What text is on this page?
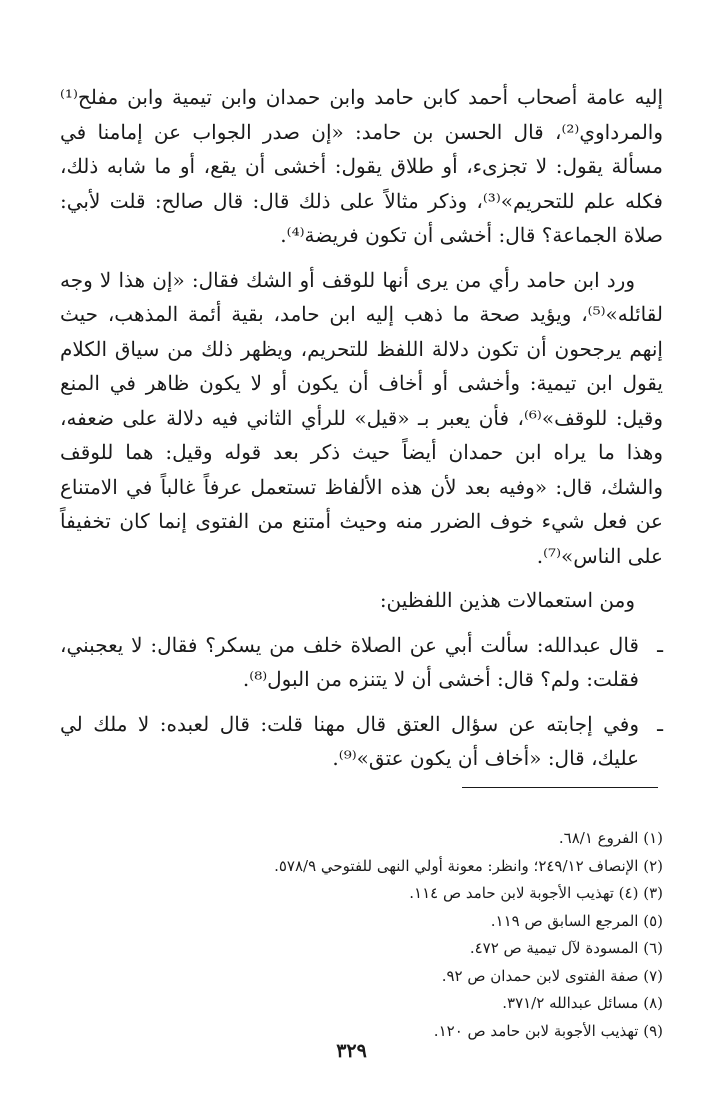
إليه عامة أصحاب أحمد كابن حامد وابن حمدان وابن تيمية وابن مفلح⁽¹⁾ والمرداوي⁽²⁾، قال الحسن بن حامد: «إن صدر الجواب عن إمامنا في مسألة يقول: لا تجزىء، أو طلاق يقول: أخشى أن يقع، أو ما شابه ذلك، فكله علم للتحريم»⁽³⁾، وذكر مثالاً على ذلك قال: قال صالح: قلت لأبي: صلاة الجماعة؟ قال: أخشى أن تكون فريضة⁽⁴⁾.

ورد ابن حامد رأي من يرى أنها للوقف أو الشك فقال: «إن هذا لا وجه لقائله»⁽⁵⁾، ويؤيد صحة ما ذهب إليه ابن حامد، بقية أئمة المذهب، حيث إنهم يرجحون أن تكون دلالة اللفظ للتحريم، ويظهر ذلك من سياق الكلام يقول ابن تيمية: وأخشى أو أخاف أن يكون أو لا يكون ظاهر في المنع وقيل: للوقف»⁽⁶⁾، فأن يعبر بـ «قيل» للرأي الثاني فيه دلالة على ضعفه، وهذا ما يراه ابن حمدان أيضاً حيث ذكر بعد قوله وقيل: هما للوقف والشك، قال: «وفيه بعد لأن هذه الألفاظ تستعمل عرفاً غالباً في الامتناع عن فعل شيء خوف الضرر منه وحيث أمتنع من الفتوى إنما كان تخفيفاً على الناس»⁽⁷⁾.

ومن استعمالات هذين اللفظين:

ـ
قال عبدالله: سألت أبي عن الصلاة خلف من يسكر؟ فقال: لا يعجبني، فقلت: ولم؟ قال: أخشى أن لا يتنزه من البول⁽⁸⁾.

ـ
وفي إجابته عن سؤال العتق قال مهنا قلت: قال لعبده: لا ملك لي عليك، قال: «أخاف أن يكون عتق»⁽⁹⁾.

(١) الفروع ٦٨/١.
(٢) الإنصاف ٢٤٩/١٢؛ وانظر: معونة أولي النهى للفتوحي ٥٧٨/٩.
(٣) (٤) تهذيب الأجوبة لابن حامد ص ١١٤.
(٥) المرجع السابق ص ١١٩.
(٦) المسودة لآل تيمية ص ٤٧٢.
(٧) صفة الفتوى لابن حمدان ص ٩٢.
(٨) مسائل عبدالله ٣٧١/٢.
(٩) تهذيب الأجوبة لابن حامد ص ١٢٠.
٣٢٩
